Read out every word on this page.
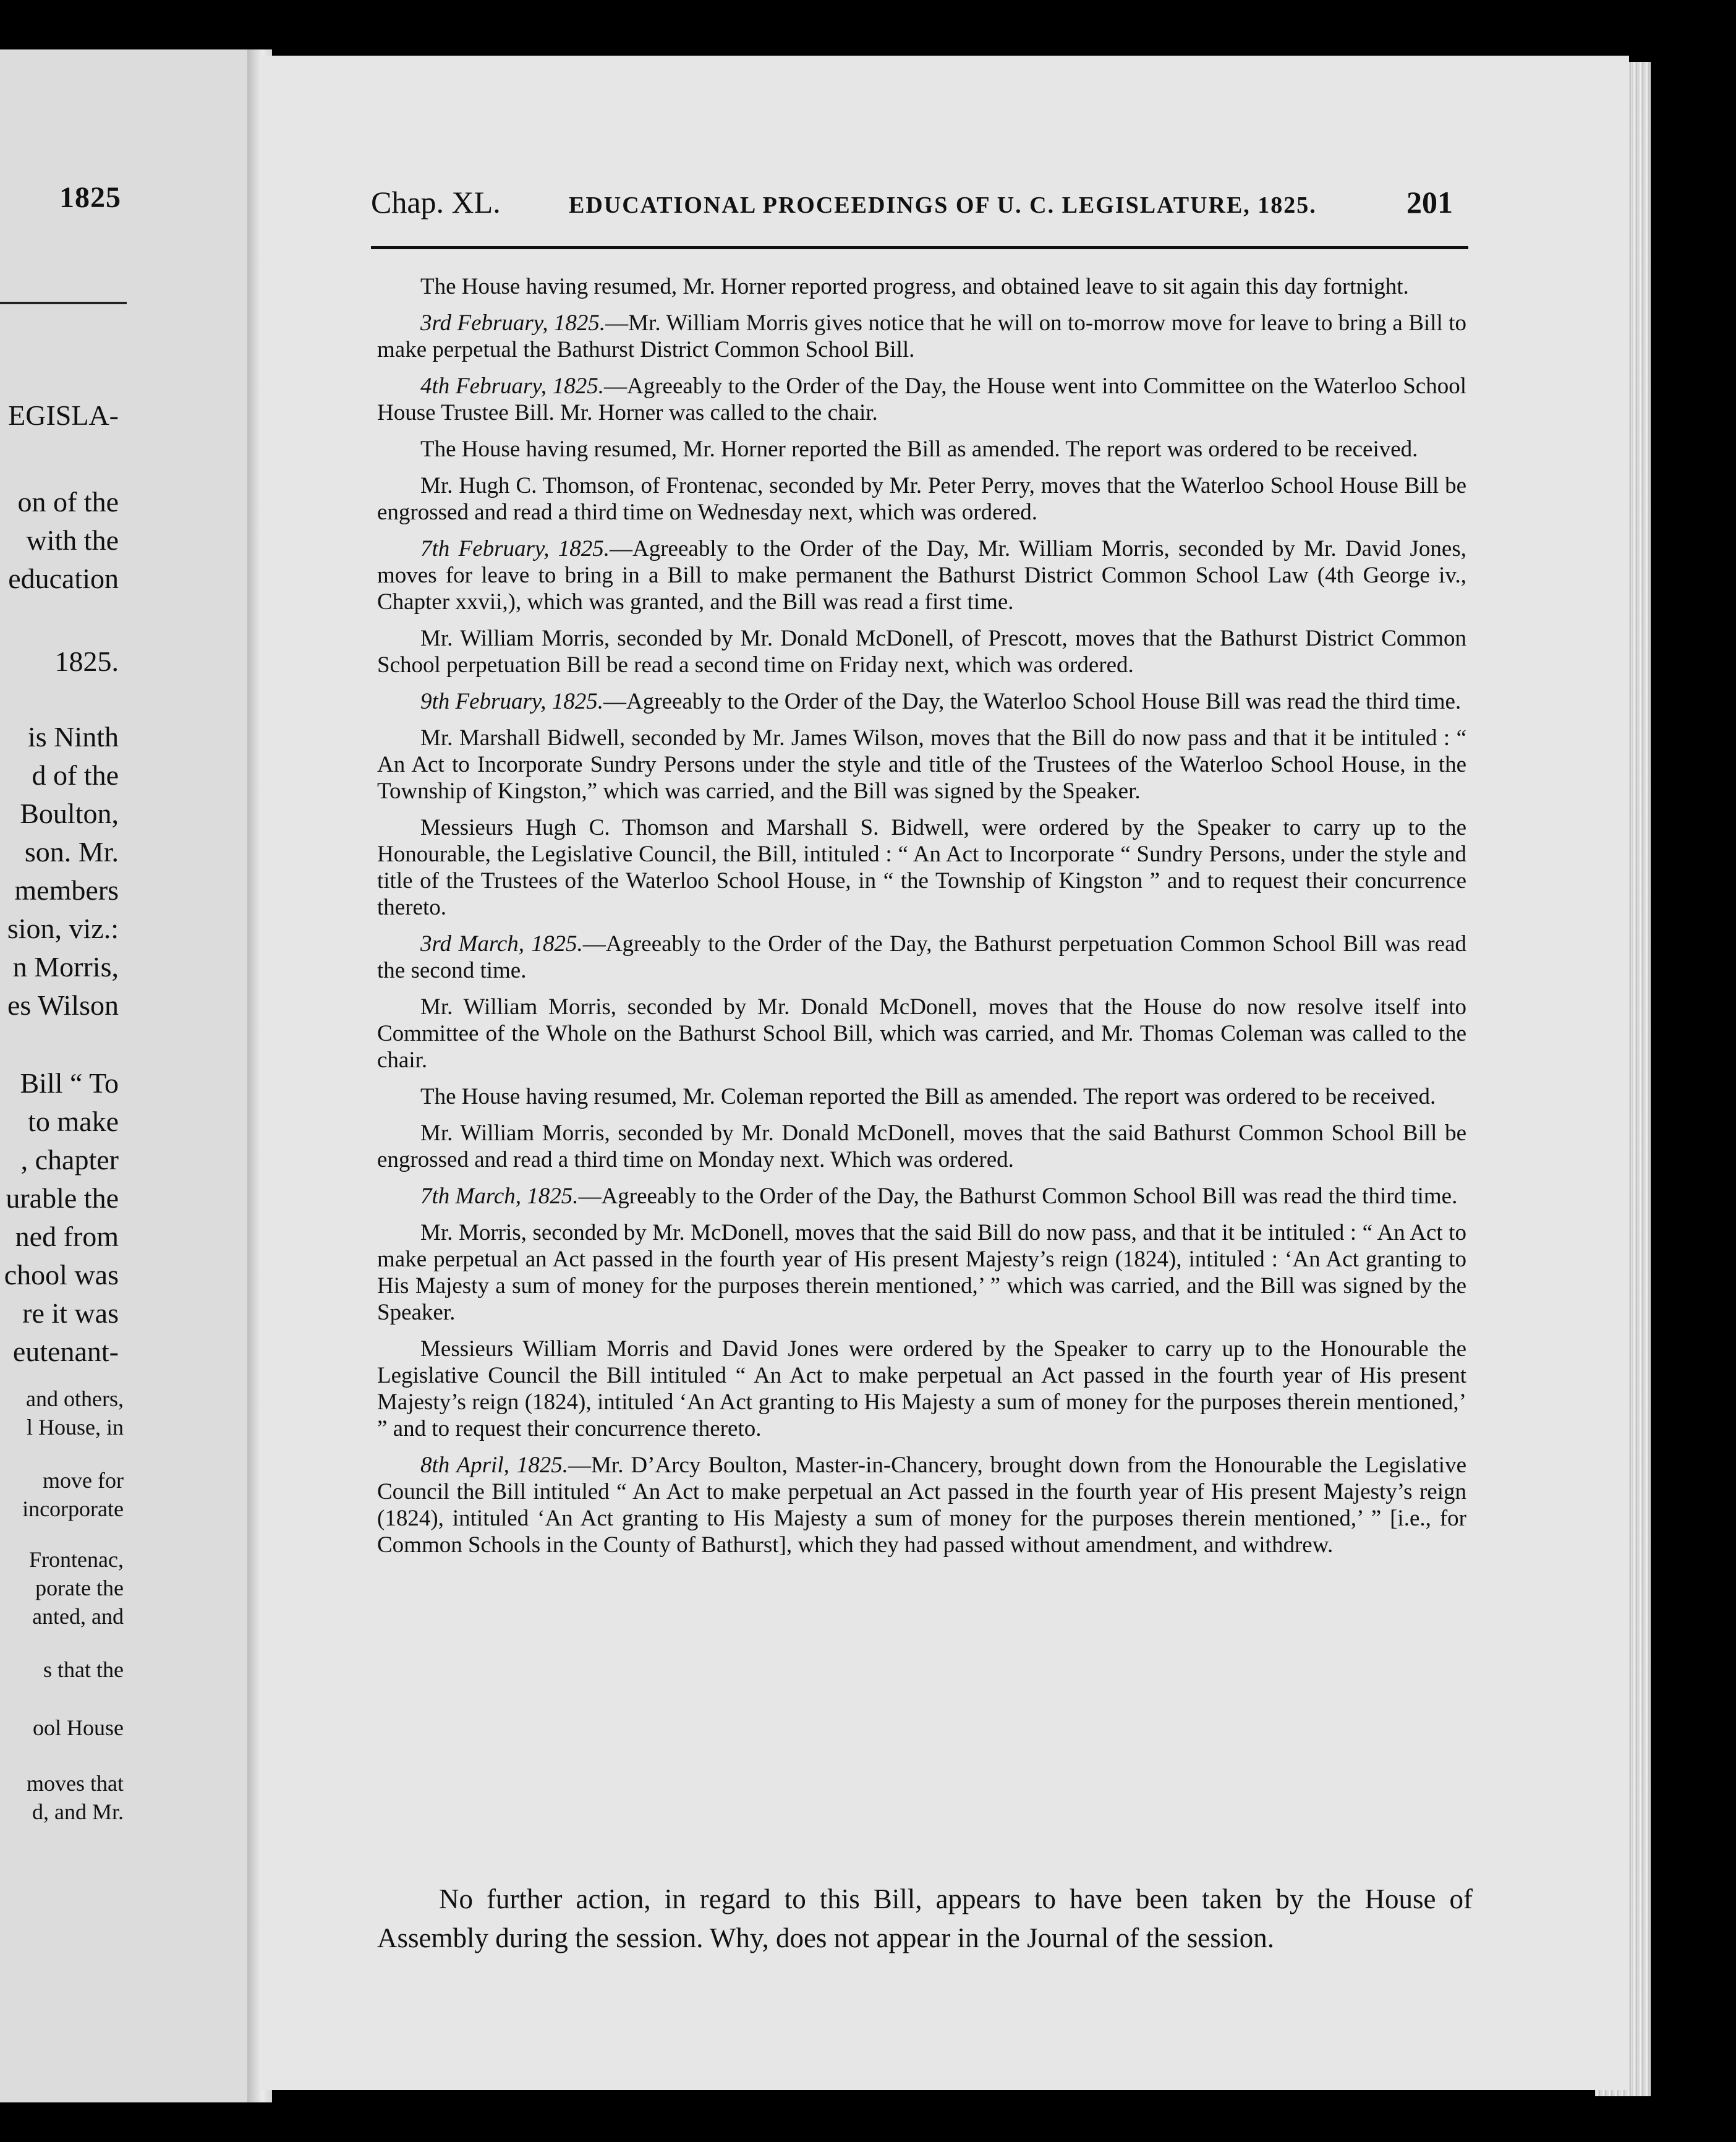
1825
EGISLA-
on of the
with the
education
1825.
is Ninth
d of the
Boulton,
son. Mr.
members
sion, viz.:
n Morris,
es Wilson
Bill “ To
to make
, chapter
urable the
ned from
chool was
re it was
eutenant-
and others,
l House, in
move for
incorporate
Frontenac,
porate the
anted, and
s that the
ool House
moves that
d, and Mr.
Chap. XL.	EDUCATIONAL PROCEEDINGS OF U. C. LEGISLATURE, 1825.	201

The House having resumed, Mr. Horner reported progress, and obtained leave to sit again this day fortnight.

3rd February, 1825.—Mr. William Morris gives notice that he will on to-morrow move for leave to bring a Bill to make perpetual the Bathurst District Common School Bill.

4th February, 1825.—Agreeably to the Order of the Day, the House went into Committee on the Waterloo School House Trustee Bill. Mr. Horner was called to the chair.

The House having resumed, Mr. Horner reported the Bill as amended. The report was ordered to be received.

Mr. Hugh C. Thomson, of Frontenac, seconded by Mr. Peter Perry, moves that the Waterloo School House Bill be engrossed and read a third time on Wednesday next, which was ordered.

7th February, 1825.—Agreeably to the Order of the Day, Mr. William Morris, seconded by Mr. David Jones, moves for leave to bring in a Bill to make permanent the Bathurst District Common School Law (4th George iv., Chapter xxvii,), which was granted, and the Bill was read a first time.

Mr. William Morris, seconded by Mr. Donald McDonell, of Prescott, moves that the Bathurst District Common School perpetuation Bill be read a second time on Friday next, which was ordered.

9th February, 1825.—Agreeably to the Order of the Day, the Waterloo School House Bill was read the third time.

Mr. Marshall Bidwell, seconded by Mr. James Wilson, moves that the Bill do now pass and that it be intituled : “ An Act to Incorporate Sundry Persons under the style and title of the Trustees of the Waterloo School House, in the Township of Kingston,” which was carried, and the Bill was signed by the Speaker.

Messieurs Hugh C. Thomson and Marshall S. Bidwell, were ordered by the Speaker to carry up to the Honourable, the Legislative Council, the Bill, intituled : “ An Act to Incorporate “ Sundry Persons, under the style and title of the Trustees of the Waterloo School House, in “ the Township of Kingston ” and to request their concurrence thereto.

3rd March, 1825.—Agreeably to the Order of the Day, the Bathurst perpetuation Common School Bill was read the second time.

Mr. William Morris, seconded by Mr. Donald McDonell, moves that the House do now resolve itself into Committee of the Whole on the Bathurst School Bill, which was carried, and Mr. Thomas Coleman was called to the chair.

The House having resumed, Mr. Coleman reported the Bill as amended. The report was ordered to be received.

Mr. William Morris, seconded by Mr. Donald McDonell, moves that the said Bathurst Common School Bill be engrossed and read a third time on Monday next. Which was ordered.

7th March, 1825.—Agreeably to the Order of the Day, the Bathurst Common School Bill was read the third time.

Mr. Morris, seconded by Mr. McDonell, moves that the said Bill do now pass, and that it be intituled : “ An Act to make perpetual an Act passed in the fourth year of His present Majesty’s reign (1824), intituled : ‘An Act granting to His Majesty a sum of money for the purposes therein mentioned,’ ” which was carried, and the Bill was signed by the Speaker.

Messieurs William Morris and David Jones were ordered by the Speaker to carry up to the Honourable the Legislative Council the Bill intituled “ An Act to make perpetual an Act passed in the fourth year of His present Majesty’s reign (1824), intituled ‘An Act granting to His Majesty a sum of money for the purposes therein mentioned,’ ” and to request their concurrence thereto.

8th April, 1825.—Mr. D’Arcy Boulton, Master-in-Chancery, brought down from the Honourable the Legislative Council the Bill intituled “ An Act to make perpetual an Act passed in the fourth year of His present Majesty’s reign (1824), intituled ‘An Act granting to His Majesty a sum of money for the purposes therein mentioned,’ ” [i.e., for Common Schools in the County of Bathurst], which they had passed without amendment, and withdrew.

No further action, in regard to this Bill, appears to have been taken by the House of Assembly during the session. Why, does not appear in the Journal of the session.
